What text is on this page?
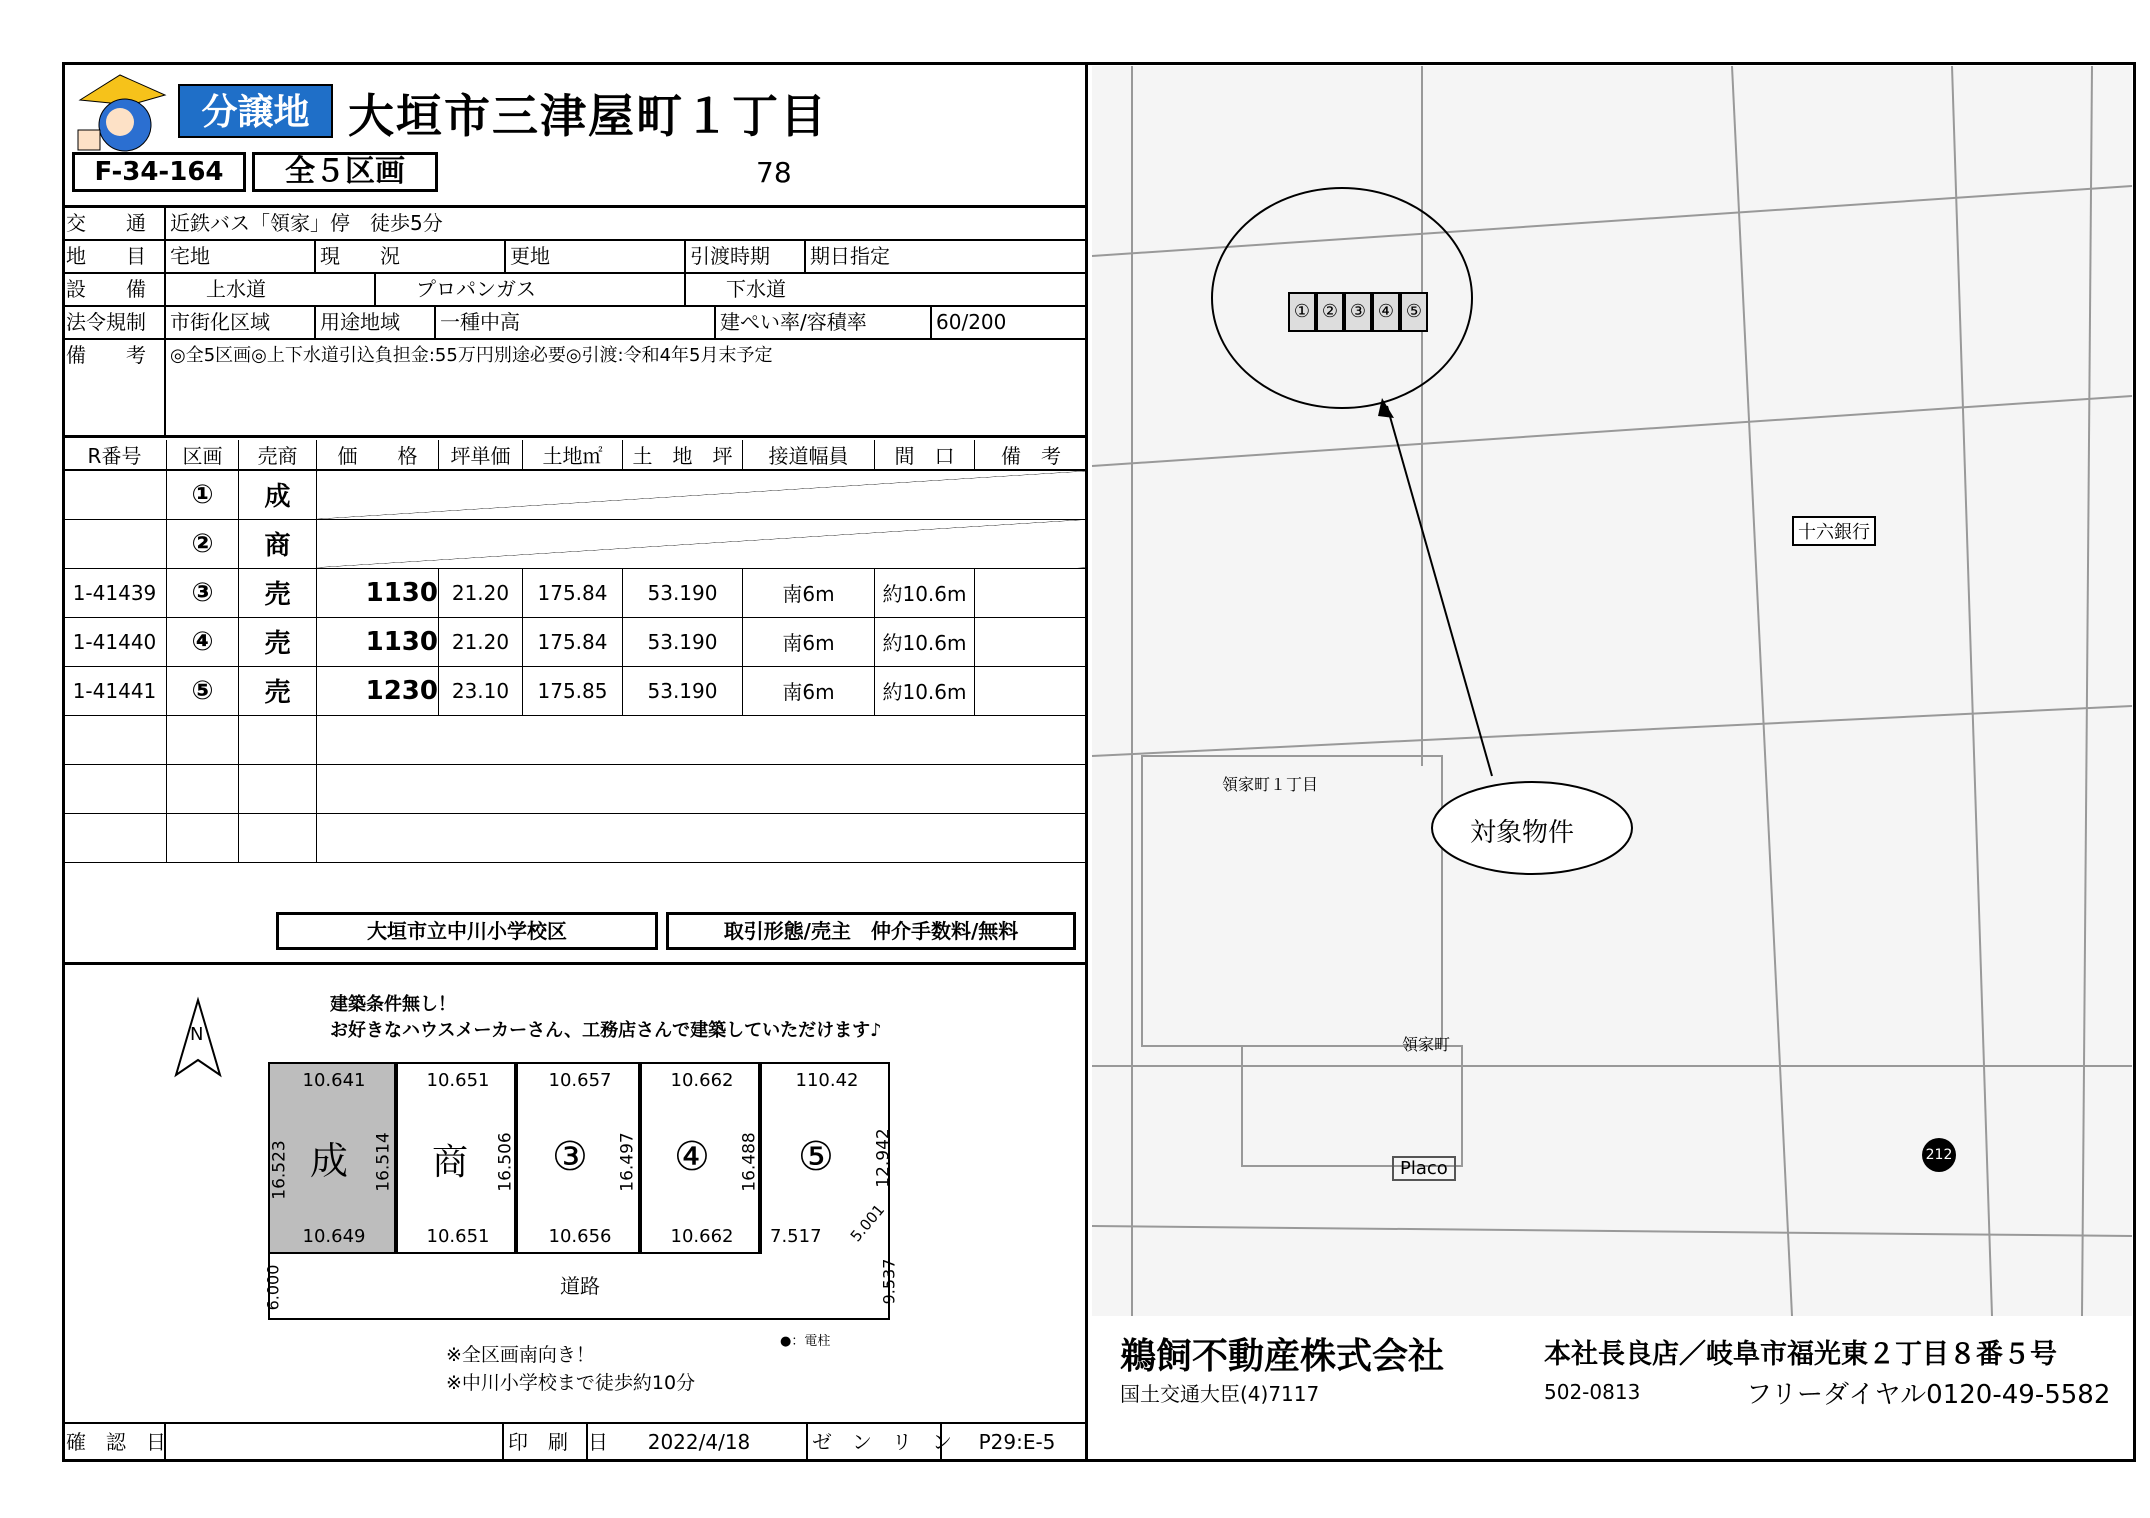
分譲地 大垣市三津屋町１丁目
F-34-164	全５区画	78
交　　通	近鉄バス「領家」停　徒歩5分
地　　目	宅地	現　　況	更地	引渡時期	期日指定
設　　備	上水道	プロパンガス	下水道
法令規制	市街化区域	用途地域	一種中高	建ぺい率/容積率	60/200
備　　考	◎全5区画◎上下水道引込負担金:55万円別途必要◎引渡:令和4年5月末予定
R番号	区画	売商	価　　格	坪単価	土地㎡	土　地　坪	接道幅員	間　口	備　考
	①	成							
	②	商							
1-41439	③	売	1130	21.20	175.84	53.190	南6m	約10.6m	
1-41440	④	売	1130	21.20	175.84	53.190	南6m	約10.6m	
1-41441	⑤	売	1230	23.10	175.85	53.190	南6m	約10.6m	

大垣市立中川小学校区	取引形態/売主　仲介手数料/無料
N
建築条件無し！
お好きなハウスメーカーさん、工務店さんで建築していただけます♪
10.641
成
16.523	16.514
10.649
10.651
商 16.506
10.651
10.657
③ 16.497
10.656
10.662
④ 16.488
10.662
110.42
⑤ 12.942
7.517 5.001
道路
6.000	9.537
●：電柱
※全区画南向き！
※中川小学校まで徒歩約10分
確　認　日	印　刷　日	2022/4/18	ゼ　ン　リ　ン	P29:E-5
① ② ③ ④ ⑤
対象物件
十六銀行
領家町１丁目
領家町
212
Placo
鵜飼不動産株式会社
国土交通大臣(4)7117
本社長良店／岐阜市福光東２丁目８番５号
502-0813	フリーダイヤル0120-49-5582
